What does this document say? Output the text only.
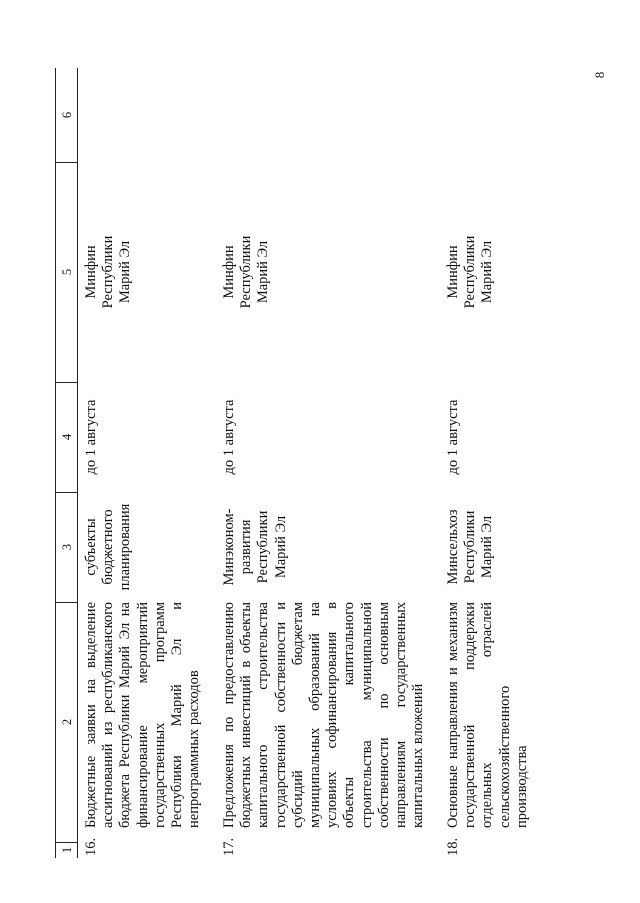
8
1
2
3
4
5
6
16.
Бюджетные заявки на выделение ассигнований из республиканского бюджета Республики Марий Эл на финансирование мероприятий государственных программ Республики Марий Эл и непрограммных расходов
субъекты бюджетного планирования
до 1 августа
Минфин Республики Марий Эл
17.
Предложения по предоставлению бюджетных инвестиций в объекты капитального строительства государственной собственности и субсидий бюджетам муниципальных образований на условиях софинансирования в объекты капитального строительства муниципальной собственности по основным направлениям государственных капитальных вложений
Минэконом-развития Республики Марий Эл
до 1 августа
Минфин Республики Марий Эл
18.
Основные направления и механизм государственной поддержки отдельных отраслей сельскохозяйственного производства
Минсельхоз Республики Марий Эл
до 1 августа
Минфин Республики Марий Эл
